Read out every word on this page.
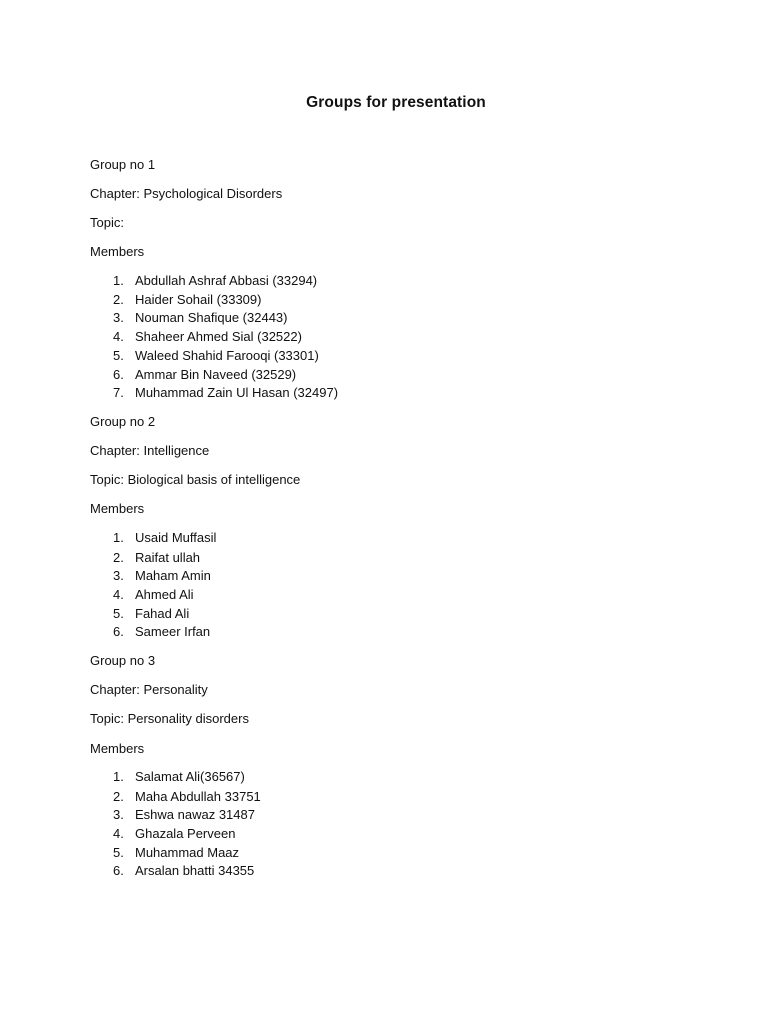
Groups for presentation
Group no 1
Chapter: Psychological Disorders
Topic:
Members
1. Abdullah Ashraf Abbasi (33294)
2. Haider Sohail (33309)
3. Nouman Shafique (32443)
4. Shaheer Ahmed Sial (32522)
5. Waleed Shahid Farooqi (33301)
6. Ammar Bin Naveed (32529)
7. Muhammad Zain Ul Hasan (32497)
Group no 2
Chapter: Intelligence
Topic: Biological basis of intelligence
Members
1. Usaid Muffasil
2. Raifat ullah
3. Maham Amin
4. Ahmed Ali
5. Fahad Ali
6. Sameer Irfan
Group no 3
Chapter: Personality
Topic: Personality disorders
Members
1. Salamat Ali(36567)
2. Maha Abdullah 33751
3. Eshwa nawaz 31487
4. Ghazala Perveen
5. Muhammad Maaz
6. Arsalan bhatti 34355
